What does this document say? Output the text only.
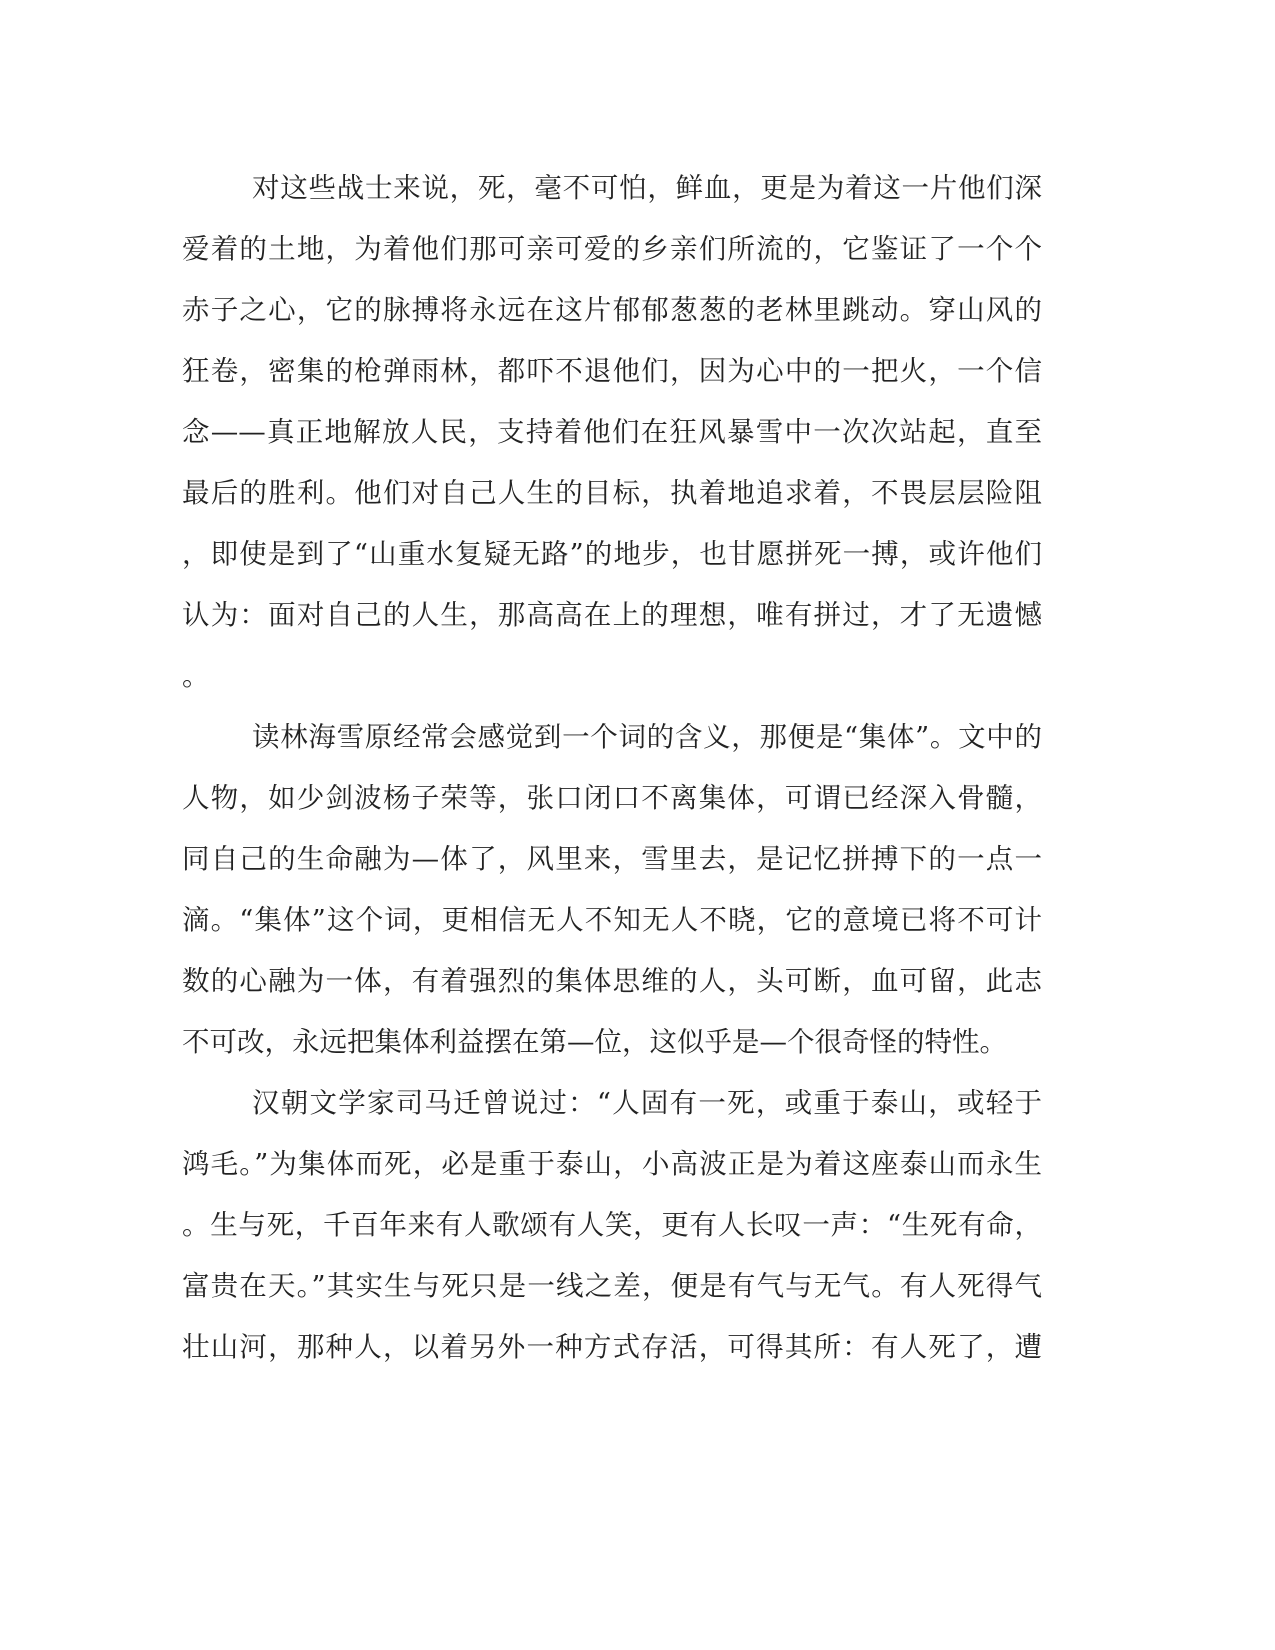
对这些战士来说，死，毫不可怕，鲜血，更是为着这一片他们深
爱着的土地，为着他们那可亲可爱的乡亲们所流的，它鉴证了一个个
赤子之心，它的脉搏将永远在这片郁郁葱葱的老林里跳动。穿山风的
狂卷，密集的枪弹雨林，都吓不退他们，因为心中的一把火，一个信
念——真正地解放人民，支持着他们在狂风暴雪中一次次站起，直至
最后的胜利。他们对自己人生的目标，执着地追求着，不畏层层险阻
，即使是到了“山重水复疑无路”的地步，也甘愿拼死一搏，或许他们
认为：面对自己的人生，那高高在上的理想，唯有拼过，才了无遗憾
。
读林海雪原经常会感觉到一个词的含义，那便是“集体”。文中的
人物，如少剑波杨子荣等，张口闭口不离集体，可谓已经深入骨髓，
同自己的生命融为—体了，风里来，雪里去，是记忆拼搏下的一点一
滴。“集体”这个词，更相信无人不知无人不晓，它的意境已将不可计
数的心融为一体，有着强烈的集体思维的人，头可断，血可留，此志
不可改，永远把集体利益摆在第—位，这似乎是—个很奇怪的特性。
汉朝文学家司马迁曾说过：“人固有一死，或重于泰山，或轻于
鸿毛。”为集体而死，必是重于泰山，小高波正是为着这座泰山而永生
。生与死，千百年来有人歌颂有人笑，更有人长叹一声：“生死有命，
富贵在天。”其实生与死只是一线之差，便是有气与无气。有人死得气
壮山河，那种人，以着另外一种方式存活，可得其所：有人死了，遭
